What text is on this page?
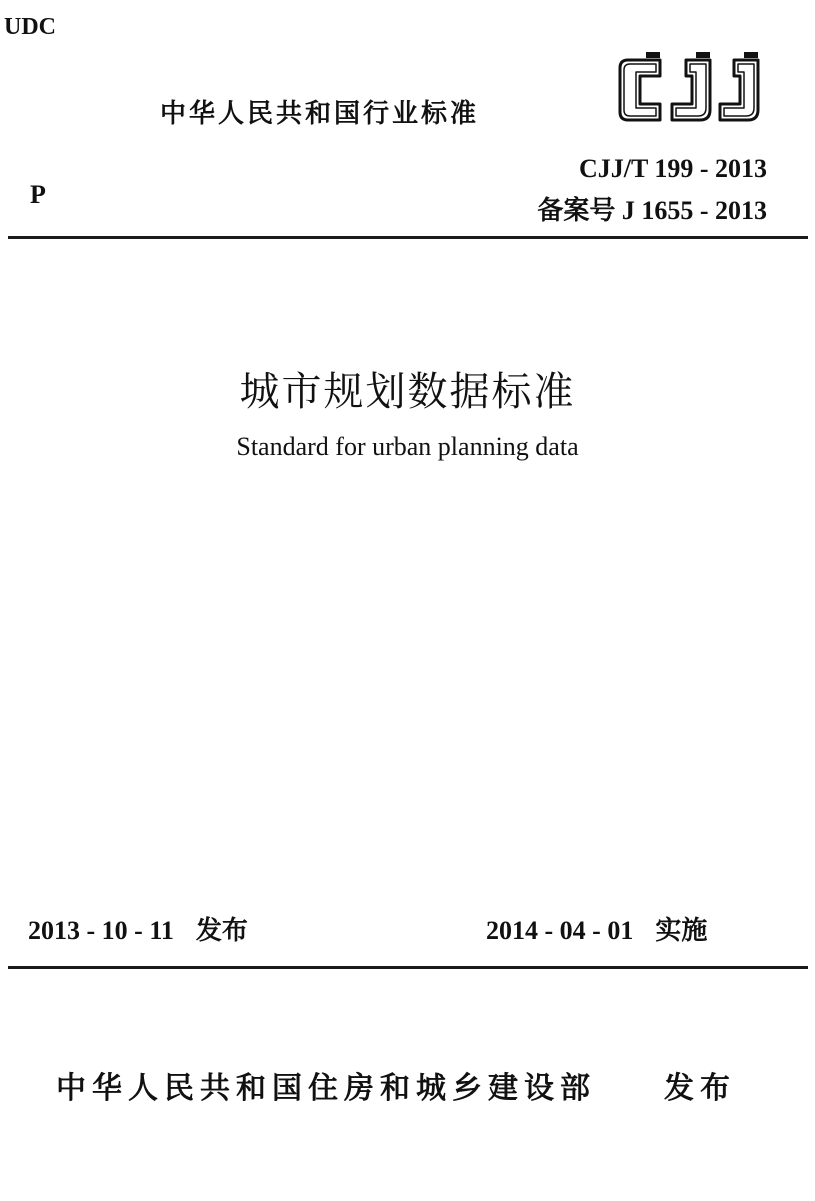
UDC
中华人民共和国行业标准
CJJ/T 199 - 2013
备案号 J 1655 - 2013
P
城市规划数据标准
Standard for urban planning data
2013 - 10 - 11 发布	2014 - 04 - 01 实施
中华人民共和国住房和城乡建设部 发布
